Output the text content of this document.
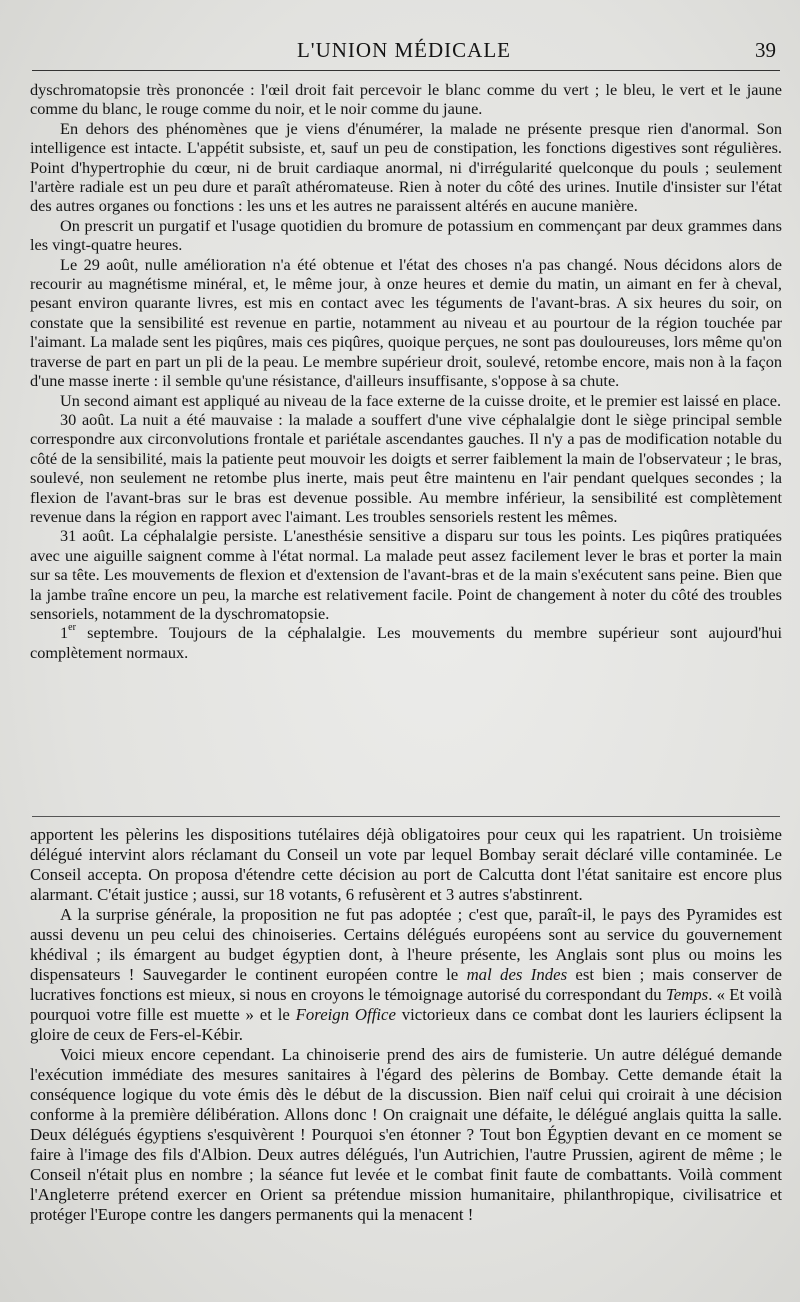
L'UNION MÉDICALE	39

dyschromatopsie très prononcée : l'œil droit fait percevoir le blanc comme du vert ; le bleu, le vert et le jaune comme du blanc, le rouge comme du noir, et le noir comme du jaune.

En dehors des phénomènes que je viens d'énumérer, la malade ne présente presque rien d'anormal. Son intelligence est intacte. L'appétit subsiste, et, sauf un peu de constipation, les fonctions digestives sont régulières. Point d'hypertrophie du cœur, ni de bruit cardiaque anormal, ni d'irrégularité quelconque du pouls ; seulement l'artère radiale est un peu dure et paraît athéromateuse. Rien à noter du côté des urines. Inutile d'insister sur l'état des autres organes ou fonctions : les uns et les autres ne paraissent altérés en aucune manière.

On prescrit un purgatif et l'usage quotidien du bromure de potassium en commençant par deux grammes dans les vingt-quatre heures.

Le 29 août, nulle amélioration n'a été obtenue et l'état des choses n'a pas changé. Nous décidons alors de recourir au magnétisme minéral, et, le même jour, à onze heures et demie du matin, un aimant en fer à cheval, pesant environ quarante livres, est mis en contact avec les téguments de l'avant-bras. A six heures du soir, on constate que la sensibilité est revenue en partie, notamment au niveau et au pourtour de la région touchée par l'aimant. La malade sent les piqûres, mais ces piqûres, quoique perçues, ne sont pas douloureuses, lors même qu'on traverse de part en part un pli de la peau. Le membre supérieur droit, soulevé, retombe encore, mais non à la façon d'une masse inerte : il semble qu'une résistance, d'ailleurs insuffisante, s'oppose à sa chute.

Un second aimant est appliqué au niveau de la face externe de la cuisse droite, et le premier est laissé en place.

30 août. La nuit a été mauvaise : la malade a souffert d'une vive céphalalgie dont le siège principal semble correspondre aux circonvolutions frontale et pariétale ascendantes gauches. Il n'y a pas de modification notable du côté de la sensibilité, mais la patiente peut mouvoir les doigts et serrer faiblement la main de l'observateur ; le bras, soulevé, non seulement ne retombe plus inerte, mais peut être maintenu en l'air pendant quelques secondes ; la flexion de l'avant-bras sur le bras est devenue possible. Au membre inférieur, la sensibilité est complètement revenue dans la région en rapport avec l'aimant. Les troubles sensoriels restent les mêmes.

31 août. La céphalalgie persiste. L'anesthésie sensitive a disparu sur tous les points. Les piqûres pratiquées avec une aiguille saignent comme à l'état normal. La malade peut assez facilement lever le bras et porter la main sur sa tête. Les mouvements de flexion et d'extension de l'avant-bras et de la main s'exécutent sans peine. Bien que la jambe traîne encore un peu, la marche est relativement facile. Point de changement à noter du côté des troubles sensoriels, notamment de la dyschromatopsie.

1er septembre. Toujours de la céphalalgie. Les mouvements du membre supérieur sont aujourd'hui complètement normaux.

apportent les pèlerins les dispositions tutélaires déjà obligatoires pour ceux qui les rapatrient. Un troisième délégué intervint alors réclamant du Conseil un vote par lequel Bombay serait déclaré ville contaminée. Le Conseil accepta. On proposa d'étendre cette décision au port de Calcutta dont l'état sanitaire est encore plus alarmant. C'était justice ; aussi, sur 18 votants, 6 refusèrent et 3 autres s'abstinrent.

A la surprise générale, la proposition ne fut pas adoptée ; c'est que, paraît-il, le pays des Pyramides est aussi devenu un peu celui des chinoiseries. Certains délégués européens sont au service du gouvernement khédival ; ils émargent au budget égyptien dont, à l'heure présente, les Anglais sont plus ou moins les dispensateurs ! Sauvegarder le continent européen contre le mal des Indes est bien ; mais conserver de lucratives fonctions est mieux, si nous en croyons le témoignage autorisé du correspondant du Temps. « Et voilà pourquoi votre fille est muette » et le Foreign Office victorieux dans ce combat dont les lauriers éclipsent la gloire de ceux de Fers-el-Kébir.

Voici mieux encore cependant. La chinoiserie prend des airs de fumisterie. Un autre délégué demande l'exécution immédiate des mesures sanitaires à l'égard des pèlerins de Bombay. Cette demande était la conséquence logique du vote émis dès le début de la discussion. Bien naïf celui qui croirait à une décision conforme à la première délibération. Allons donc ! On craignait une défaite, le délégué anglais quitta la salle. Deux délégués égyptiens s'esquivèrent ! Pourquoi s'en étonner ? Tout bon Égyptien devant en ce moment se faire à l'image des fils d'Albion. Deux autres délégués, l'un Autrichien, l'autre Prussien, agirent de même ; le Conseil n'était plus en nombre ; la séance fut levée et le combat finit faute de combattants. Voilà comment l'Angleterre prétend exercer en Orient sa prétendue mission humanitaire, philanthropique, civilisatrice et protéger l'Europe contre les dangers permanents qui la menacent !
